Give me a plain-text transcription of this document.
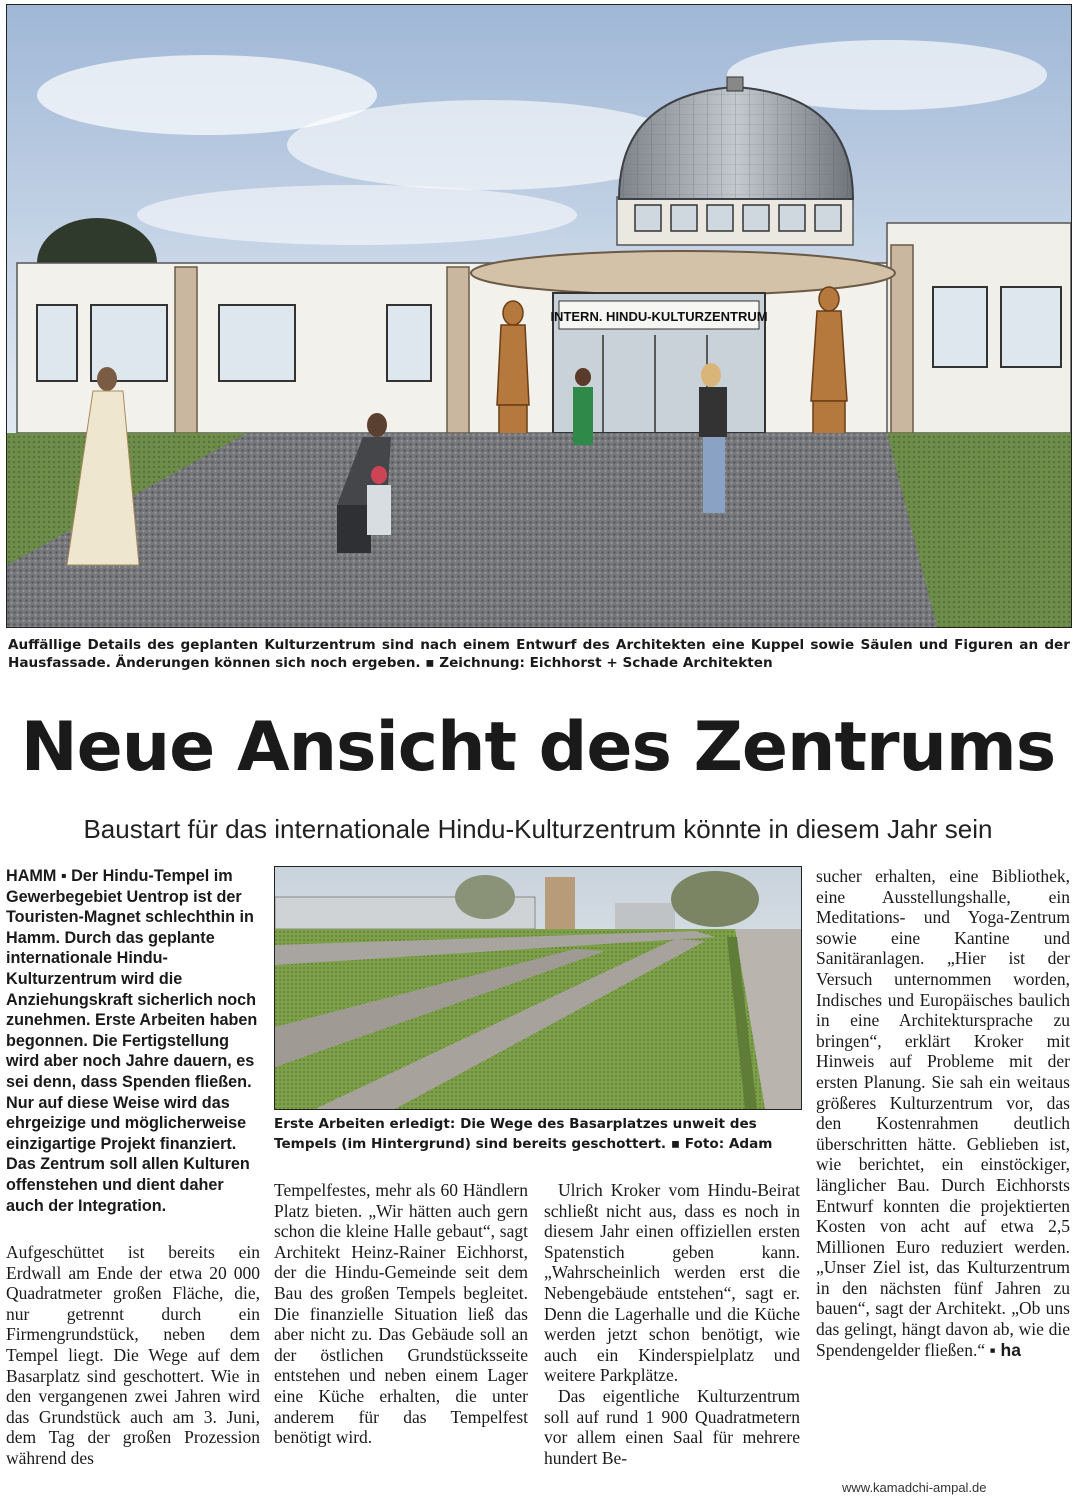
INTERN. HINDU-KULTURZENTRUM
Auffällige Details des geplanten Kulturzentrum sind nach einem Entwurf des Architekten eine Kuppel sowie Säulen und Figuren an der Hausfassade. Änderungen können sich noch ergeben. ▪ Zeichnung: Eichhorst + Schade Architekten
Neue Ansicht des Zentrums
Baustart für das internationale Hindu-Kulturzentrum könnte in diesem Jahr sein
HAMM ▪ Der Hindu-Tempel im Gewerbegebiet Uentrop ist der Touristen-Magnet schlechthin in Hamm. Durch das geplante internationale Hindu-Kulturzentrum wird die Anziehungskraft sicherlich noch zunehmen. Erste Arbeiten haben begonnen. Die Fertigstellung wird aber noch Jahre dauern, es sei denn, dass Spenden fließen. Nur auf diese Weise wird das ehrgeizige und möglicherweise einzigartige Projekt finanziert. Das Zentrum soll allen Kulturen offenstehen und dient daher auch der Integration.
Aufgeschüttet ist bereits ein Erdwall am Ende der etwa 20 000 Quadratmeter großen Fläche, die, nur getrennt durch ein Firmengrundstück, neben dem Tempel liegt. Die Wege auf dem Basarplatz sind geschottert. Wie in den vergangenen zwei Jahren wird das Grundstück auch am 3. Juni, dem Tag der großen Prozession während des
Erste Arbeiten erledigt: Die Wege des Basarplatzes unweit des Tempels (im Hintergrund) sind bereits geschottert. ▪ Foto: Adam
Tempelfestes, mehr als 60 Händlern Platz bieten. „Wir hätten auch gern schon die kleine Halle gebaut“, sagt Architekt Heinz-Rainer Eichhorst, der die Hindu-Gemeinde seit dem Bau des großen Tempels begleitet. Die finanzielle Situation ließ das aber nicht zu. Das Gebäude soll an der östlichen Grundstücksseite entstehen und neben einem Lager eine Küche erhalten, die unter anderem für das Tempelfest benötigt wird.

Ulrich Kroker vom Hindu-Beirat schließt nicht aus, dass es noch in diesem Jahr einen offiziellen ersten Spatenstich geben kann. „Wahrscheinlich werden erst die Nebengebäude entstehen“, sagt er. Denn die Lagerhalle und die Küche werden jetzt schon benötigt, wie auch ein Kinderspielplatz und weitere Parkplätze.

Das eigentliche Kulturzentrum soll auf rund 1 900 Quadratmetern vor allem einen Saal für mehrere hundert Be-

sucher erhalten, eine Bibliothek, eine Ausstellungshalle, ein Meditations- und Yoga-Zentrum sowie eine Kantine und Sanitäranlagen. „Hier ist der Versuch unternommen worden, Indisches und Europäisches baulich in eine Architektursprache zu bringen“, erklärt Kroker mit Hinweis auf Probleme mit der ersten Planung. Sie sah ein weitaus größeres Kulturzentrum vor, das den Kostenrahmen deutlich überschritten hätte. Geblieben ist, wie berichtet, ein einstöckiger, länglicher Bau. Durch Eichhorsts Entwurf konnten die projektierten Kosten von acht auf etwa 2,5 Millionen Euro reduziert werden. „Unser Ziel ist, das Kulturzentrum in den nächsten fünf Jahren zu bauen“, sagt der Architekt. „Ob uns das gelingt, hängt davon ab, wie die Spendengelder fließen.“ ▪ ha
www.kamadchi-ampal.de
